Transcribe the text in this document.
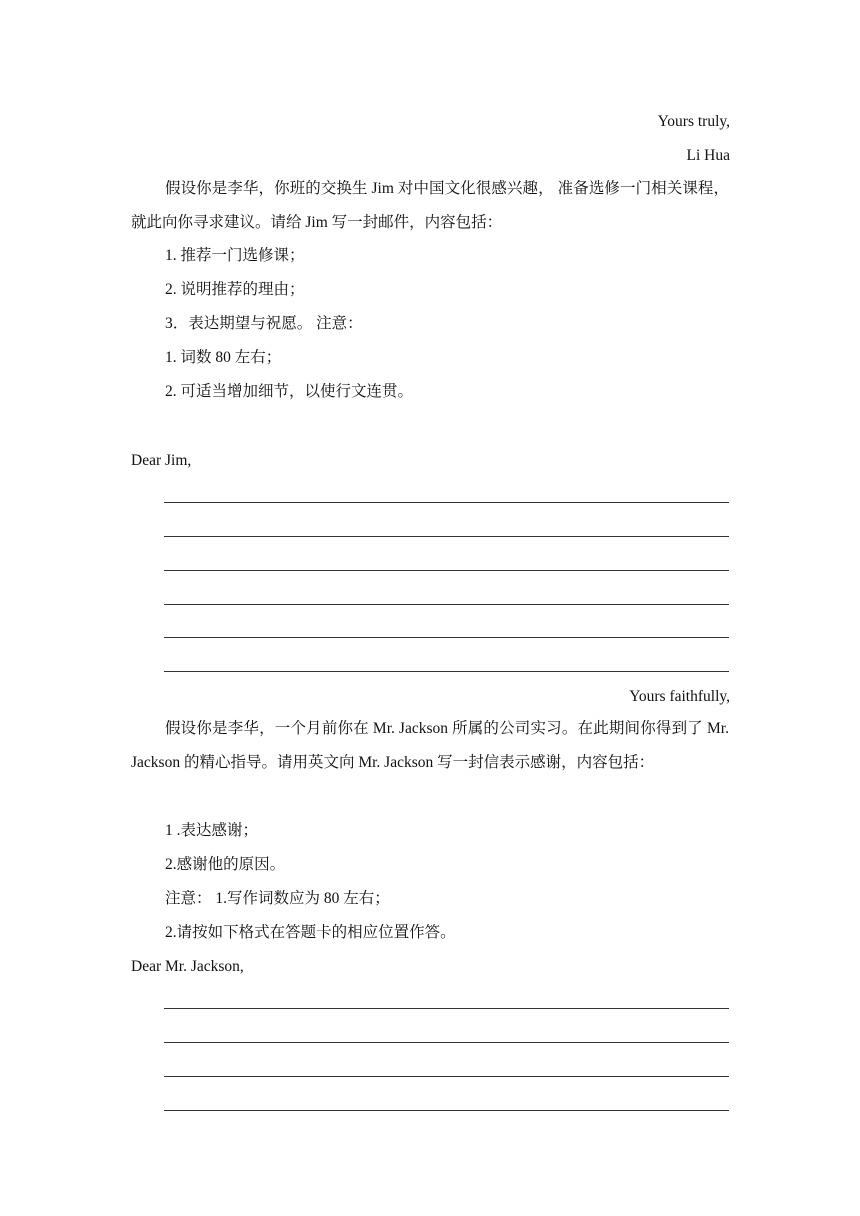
Yours truly,
Li Hua
假设你是李华，你班的交换生 Jim 对中国文化很感兴趣， 准备选修一门相关课程，就此向你寻求建议。请给 Jim 写一封邮件，内容包括：
1. 推荐一门选修课；
2. 说明推荐的理由；
3．表达期望与祝愿。 注意：
1. 词数 80 左右；
2. 可适当增加细节，以使行文连贯。
Dear Jim,
Yours faithfully,
假设你是李华，一个月前你在 Mr. Jackson 所属的公司实习。在此期间你得到了 Mr. Jackson 的精心指导。请用英文向 Mr. Jackson 写一封信表示感谢，内容包括：
1 .表达感谢；
2.感谢他的原因。
注意： 1.写作词数应为 80 左右；
2.请按如下格式在答题卡的相应位置作答。
Dear Mr. Jackson,
